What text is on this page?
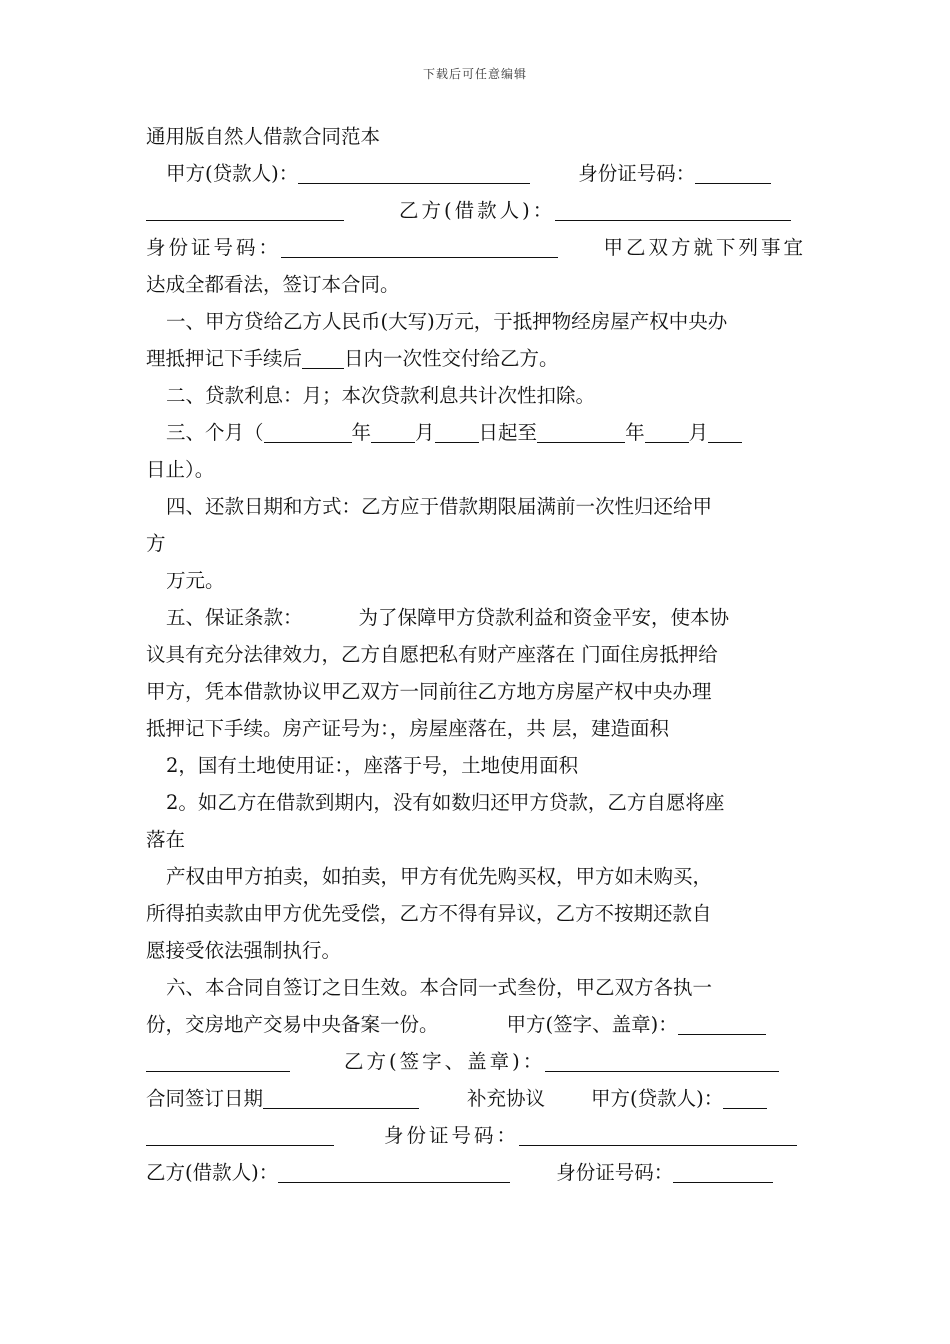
下载后可任意编辑
通用版自然人借款合同范本
甲方(贷款人)：	身份证号码：
乙方(借款人)：
身份证号码：	甲乙双方就下列事宜
达成全都看法，签订本合同。
一、甲方贷给乙方人民币(大写)万元，于抵押物经房屋产权中央办
理抵押记下手续后 日内一次性交付给乙方。
二、贷款利息：月；本次贷款利息共计次性扣除。
三、个月（	年 月 日起至	年 月
日止）。
四、还款日期和方式：乙方应于借款期限届满前一次性归还给甲
方
万元。
五、保证条款：	为了保障甲方贷款利益和资金平安，使本协
议具有充分法律效力，乙方自愿把私有财产座落在 门面住房抵押给
甲方，凭本借款协议甲乙双方一同前往乙方地方房屋产权中央办理
抵押记下手续。房产证号为：，房屋座落在，共 层，建造面积
2，国有土地使用证：，座落于号，土地使用面积
2。如乙方在借款到期内，没有如数归还甲方贷款，乙方自愿将座
落在
产权由甲方拍卖，如拍卖，甲方有优先购买权，甲方如未购买，
所得拍卖款由甲方优先受偿，乙方不得有异议，乙方不按期还款自
愿接受依法强制执行。
六、本合同自签订之日生效。本合同一式叁份，甲乙双方各执一
份，交房地产交易中央备案一份。	甲方(签字、盖章)：
乙方(签字、盖章)：
合同签订日期	补充协议 甲方(贷款人)：
身份证号码：
乙方(借款人)：	身份证号码：
